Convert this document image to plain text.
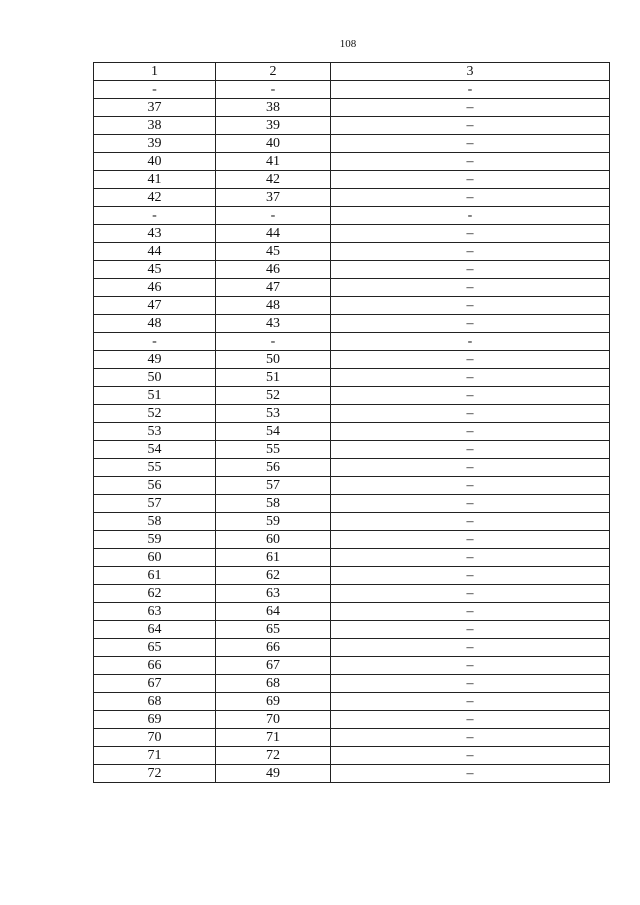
108
1	2	3
-	-	-
37	38	–
38	39	–
39	40	–
40	41	–
41	42	–
42	37	–
-	-	-
43	44	–
44	45	–
45	46	–
46	47	–
47	48	–
48	43	–
-	-	-
49	50	–
50	51	–
51	52	–
52	53	–
53	54	–
54	55	–
55	56	–
56	57	–
57	58	–
58	59	–
59	60	–
60	61	–
61	62	–
62	63	–
63	64	–
64	65	–
65	66	–
66	67	–
67	68	–
68	69	–
69	70	–
70	71	–
71	72	–
72	49	–
